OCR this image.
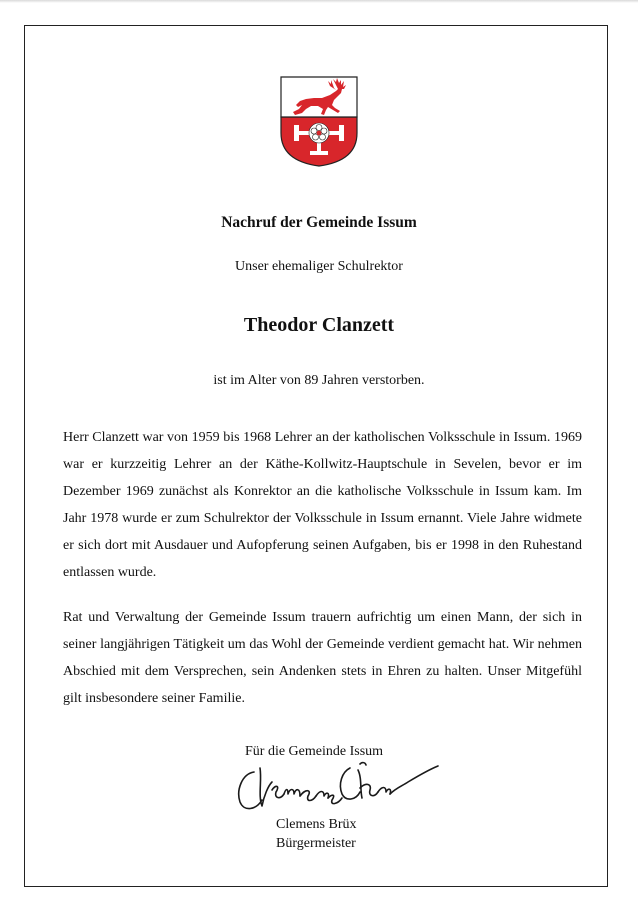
Nachruf der Gemeinde Issum
Unser ehemaliger Schulrektor
Theodor Clanzett
ist im Alter von 89 Jahren verstorben.

Herr Clanzett war von 1959 bis 1968 Lehrer an der katholischen Volksschule in Issum. 1969 war er kurzzeitig Lehrer an der Käthe-Kollwitz-Hauptschule in Sevelen, bevor er im Dezember 1969 zunächst als Konrektor an die katholische Volksschule in Issum kam. Im Jahr 1978 wurde er zum Schulrektor der Volksschule in Issum ernannt. Viele Jahre widmete er sich dort mit Ausdauer und Aufopferung seinen Aufgaben, bis er 1998 in den Ruhestand entlassen wurde.

Rat und Verwaltung der Gemeinde Issum trauern aufrichtig um einen Mann, der sich in seiner langjährigen Tätigkeit um das Wohl der Gemeinde verdient gemacht hat. Wir nehmen Abschied mit dem Versprechen, sein Andenken stets in Ehren zu halten. Unser Mitgefühl gilt insbesondere seiner Familie.

Für die Gemeinde Issum
Clemens Brüx
Bürgermeister
